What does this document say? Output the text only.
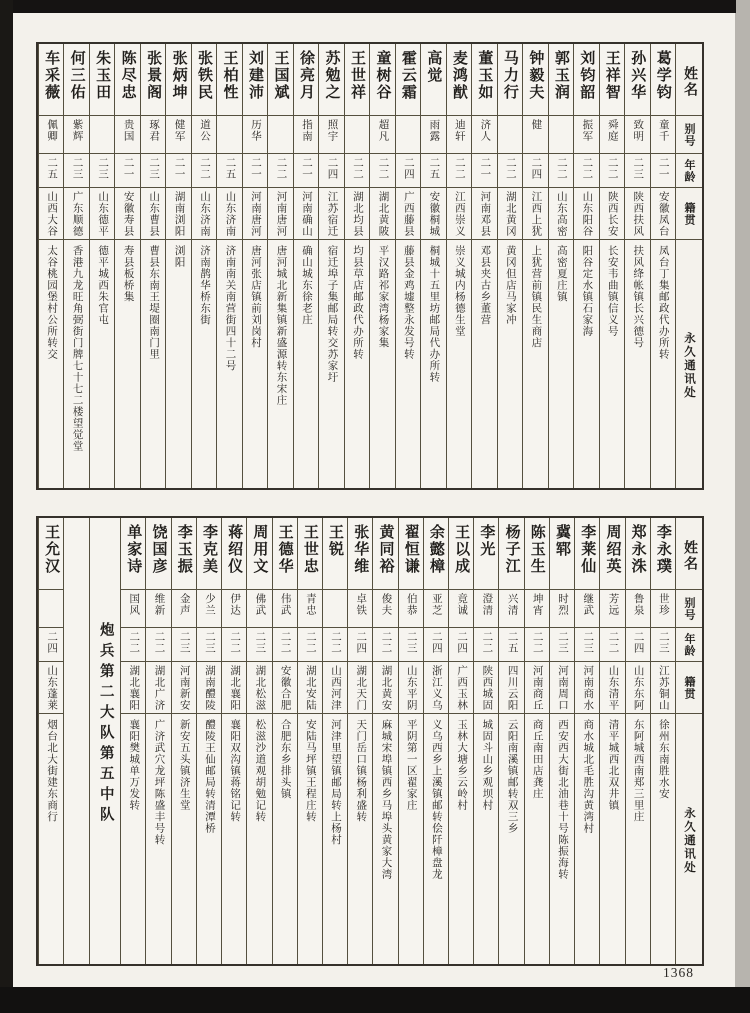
姓名
别号
年龄
籍贯
永久通讯处
葛学钧
童千
二一
安徽凤台
凤台丁集邮政代办所转
孙兴华
致明
二三
陕西扶风
扶风绛帐镇长兴德号
王祥智
舜庭
二二
陕西长安
长安韦曲镇信义号
刘钧韶
振军
二二
山东阳谷
阳谷定水镇石家海
郭玉润
二二
山东高密
高密夏庄镇
钟毅夫
健
二四
江西上犹
上犹营前镇民生商店
马力行
二二
湖北黄冈
黄冈但店马家冲
董玉如
济人
二一
河南邓县
邓县夹古乡董营
麦鸿猷
迪轩
二二
江西崇义
崇义城内杨德生堂
高觉
雨露
二五
安徽桐城
桐城十五里坊邮局代办所转
霍云霜
二四
广西藤县
藤县金鸡墟整永发号转
童树谷
超凡
二二
湖北黄陂
平汉路祁家湾杨家集
王世祥
二二
湖北均县
均县草店邮政代办所转
苏勉之
照宇
二四
江苏宿迁
宿迁埠子集邮局转交苏家圩
徐亮月
指南
二一
河南确山
确山城东徐老庄
王国斌
二二
河南唐河
唐河城北新集镇新盛源转东宋庄
刘建沛
历华
二一
河南唐河
唐河张店镇前刘岗村
王柏性
二五
山东济南
济南南关南营街四十二号
张铁民
道公
二二
山东济南
济南鹊华桥东街
张炳坤
健军
二一
湖南浏阳
浏阳
张景阁
琢君
二三
山东曹县
曹县东南王堤圈南门里
陈尽忠
贵国
二一
安徽寿县
寿县板桥集
朱玉田
二三
山东德平
德平城西朱官屯
何三佑
紫辉
二三
广东顺德
香港九龙旺角弼街门牌七十七二楼望觉堂
车采薇
佩卿
二五
山西大谷
太谷桃园堡村公所转交
姓名
别号
年龄
籍贯
永久通讯处
李永璞
世珍
二三
江苏铜山
徐州东南胜水安
郑永洙
鲁泉
二四
山东东阿
东阿城西南郑三里庄
周绍英
芳远
二二
山东清平
清平城西北双井镇
李莱仙
继武
二三
河南商水
商水城北毛胜沟黄湾村
冀郓
时烈
二三
河南周口
西安西大街北油巷十号陈振海转
陈玉生
坤宵
二二
河南商丘
商丘南田店龚庄
杨子江
兴清
二五
四川云阳
云阳南溪镇邮转双三乡
李光
澄清
二二
陕西城固
城固斗山乡观坝村
王以成
竟诚
二四
广西玉林
玉林大塘乡云岭村
余懿樟
亚芝
二四
浙江义乌
义乌西乡上溪镇邮转侩阡樟盘龙
翟恒谦
伯恭
二三
山东平阴
平阴第一区翟家庄
黄同裕
俊夫
二二
湖北黄安
麻城宋埠镇西乡马埠头黄家大湾
张华维
卓铁
二四
湖北天门
天门岳口镇杨利盛转
王锐
二二
山西河津
河津里望镇邮局转上杨村
王世忠
青忠
二二
湖北安陆
安陆马坪镇王程庄转
王德华
伟武
二二
安徽合肥
合肥东乡排头镇
周用文
佛武
二三
湖北松滋
松滋沙道观胡勉记转
蒋绍仪
伊达
二二
湖北襄阳
襄阳双沟镇蒋铭记转
李克美
少兰
二三
湖南醴陵
醴陵王仙邮局转清潭桥
李玉振
金声
二三
河南新安
新安五头镇济生堂
饶国彦
维新
二二
湖北广济
广济武穴龙坪陈盛丰号转
单家诗
国风
二二
湖北襄阳
襄阳樊城单万发转
炮兵第二大队第五中队
王允汉
二四
山东蓬莱
烟台北大街建东商行
1368
